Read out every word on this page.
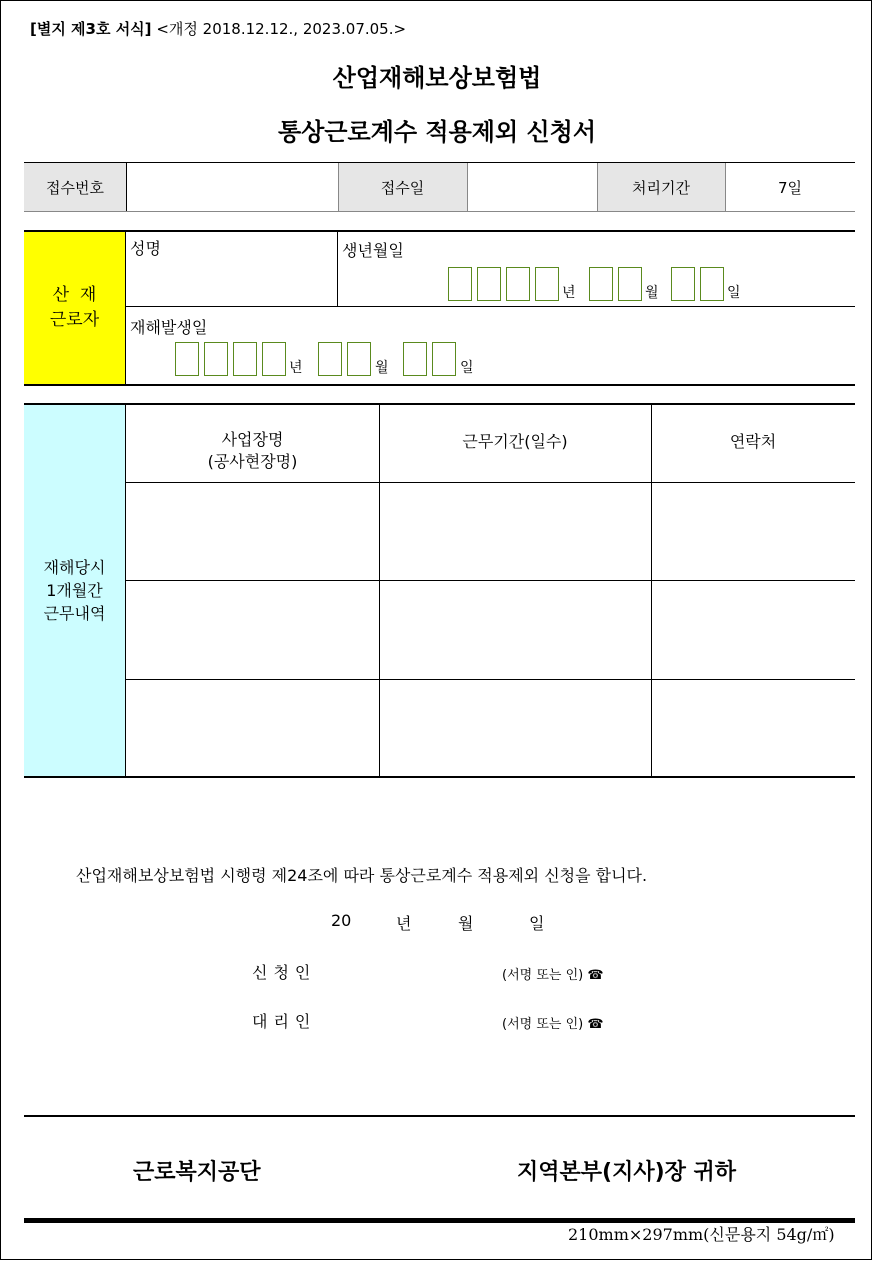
[별지 제3호 서식] <개정 2018.12.12., 2023.07.05.>
산업재해보상보험법
통상근로계수 적용제외 신청서
접수번호	접수일	처리기간	7일
산  재
근로자
성명	생년월일
년	월	일
재해발생일
년	월	일
재해당시
1개월간
근무내역
사업장명
(공사현장명)
근무기간(일수)	연락처
산업재해보상보험법 시행령 제24조에 따라 통상근로계수 적용제외 신청을 합니다.
20	년	월	일
신청인	(서명 또는 인) ☎
대리인	(서명 또는 인) ☎
근로복지공단	지역본부(지사)장 귀하
210mm×297mm(신문용지 54g/㎡)
